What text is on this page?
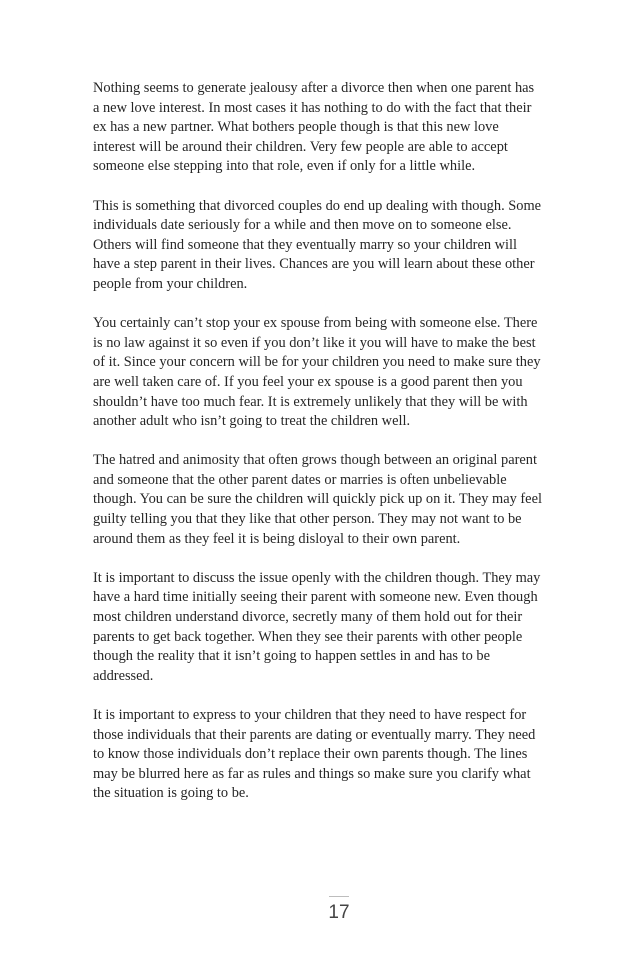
Nothing seems to generate jealousy after a divorce then when one parent has
a new love interest. In most cases it has nothing to do with the fact that their
ex has a new partner. What bothers people though is that this new love
interest will be around their children. Very few people are able to accept
someone else stepping into that role, even if only for a little while.

This is something that divorced couples do end up dealing with though. Some
individuals date seriously for a while and then move on to someone else.
Others will find someone that they eventually marry so your children will
have a step parent in their lives. Chances are you will learn about these other
people from your children.

You certainly can’t stop your ex spouse from being with someone else. There
is no law against it so even if you don’t like it you will have to make the best
of it. Since your concern will be for your children you need to make sure they
are well taken care of. If you feel your ex spouse is a good parent then you
shouldn’t have too much fear. It is extremely unlikely that they will be with
another adult who isn’t going to treat the children well.

The hatred and animosity that often grows though between an original parent
and someone that the other parent dates or marries is often unbelievable
though. You can be sure the children will quickly pick up on it. They may feel
guilty telling you that they like that other person. They may not want to be
around them as they feel it is being disloyal to their own parent.

It is important to discuss the issue openly with the children though. They may
have a hard time initially seeing their parent with someone new. Even though
most children understand divorce, secretly many of them hold out for their
parents to get back together. When they see their parents with other people
though the reality that it isn’t going to happen settles in and has to be
addressed.

It is important to express to your children that they need to have respect for
those individuals that their parents are dating or eventually marry. They need
to know those individuals don’t replace their own parents though. The lines
may be blurred here as far as rules and things so make sure you clarify what
the situation is going to be.

17
